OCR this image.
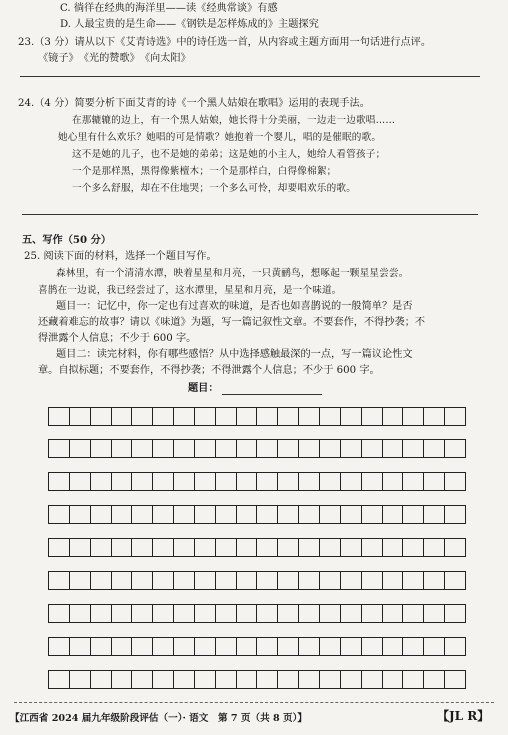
C. 徜徉在经典的海洋里——读《经典常谈》有感
D. 人最宝贵的是生命——《钢铁是怎样炼成的》主题探究
23.（3 分）请从以下《艾青诗选》中的诗任选一首，从内容或主题方面用一句话进行点评。
《镜子》　《光的赞歌》　《向太阳》
24.（4 分）简要分析下面艾青的诗《一个黑人姑娘在歌唱》运用的表现手法。
在那辘辘的边上，有一个黑人姑娘，她长得十分美丽，一边走一边歌唱……
她心里有什么欢乐？她唱的可是情歌？她抱着一个婴儿，唱的是催眠的歌。
这不是她的儿子，也不是她的弟弟；这是她的小主人，她给人看管孩子；
一个是那样黑，黑得像紫檀木；一个是那样白，白得像棉絮；
一个多么舒服，却在不住地哭；一个多么可怜，却要唱欢乐的歌。
五、写作（50 分）
25. 阅读下面的材料，选择一个题目写作。
森林里，有一个清清水潭，映着星星和月亮，一只黄鹂鸟，想啄起一颗星星尝尝。
喜鹊在一边说，我已经尝过了，这水潭里，星星和月亮，是一个味道。
题目一：记忆中，你一定也有过喜欢的味道，是否也如喜鹊说的一般简单？是否
还藏着难忘的故事？请以《味道》为题，写一篇记叙性文章。不要套作，不得抄袭；不
得泄露个人信息；不少于 600 字。
题目二：读完材料，你有哪些感悟？从中选择感触最深的一点，写一篇议论性文
章。自拟标题；不要套作，不得抄袭；不得泄露个人信息；不少于 600 字。
题目：
【江西省 2024 届九年级阶段评估（一）· 语文　第 7 页（共 8 页）】	【JL R】
